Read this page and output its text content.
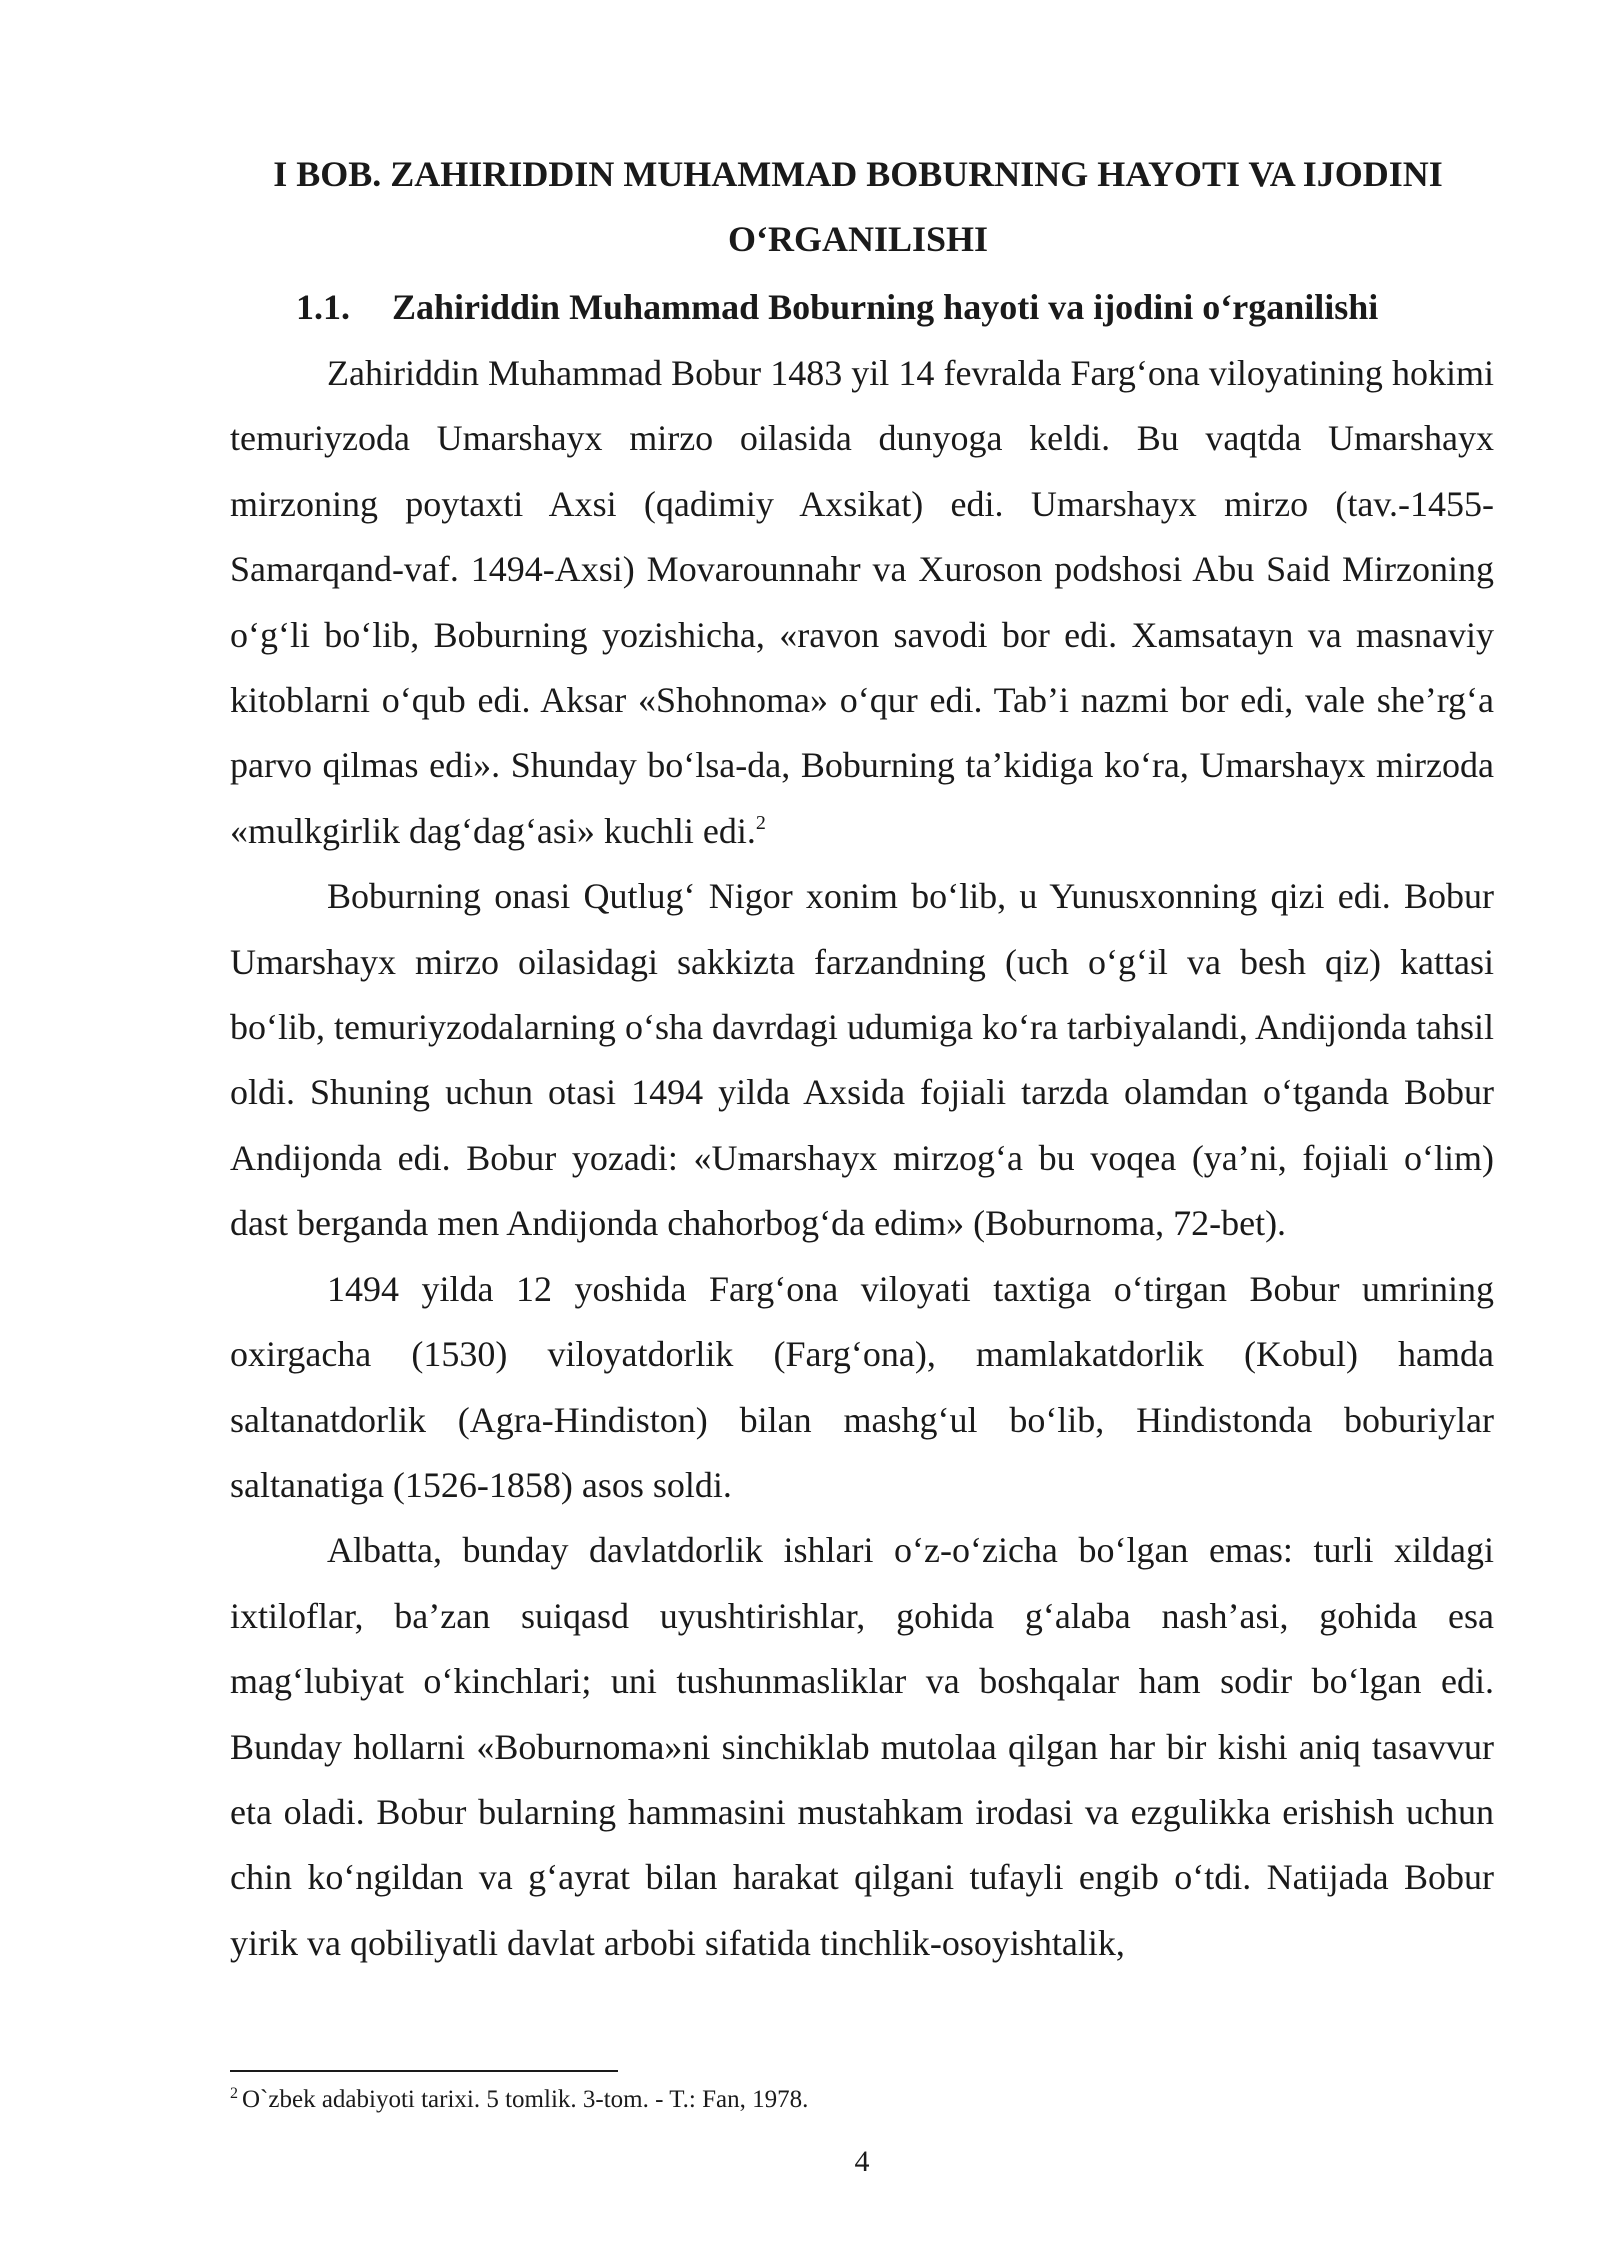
I BOB. ZAHIRIDDIN MUHAMMAD BOBURNING HAYOTI VA IJODINI O‘RGANILISHI
1.1. Zahiriddin Muhammad Boburning hayoti va ijodini o‘rganilishi

Zahiriddin Muhammad Bobur 1483 yil 14 fevralda Farg‘ona viloyatining hokimi temuriyzoda Umarshayx mirzo oilasida dunyoga keldi. Bu vaqtda Umarshayx mirzoning poytaxti Axsi (qadimiy Axsikat) edi. Umarshayx mirzo (tav.-1455-Samarqand-vaf. 1494-Axsi) Movarounnahr va Xuroson podshosi Abu Said Mirzoning o‘g‘li bo‘lib, Boburning yozishicha, «ravon savodi bor edi. Xamsatayn va masnaviy kitoblarni o‘qub edi. Aksar «Shohnoma» o‘qur edi. Tab’i nazmi bor edi, vale she’rg‘a parvo qilmas edi». Shunday bo‘lsa-da, Boburning ta’kidiga ko‘ra, Umarshayx mirzoda «mulkgirlik dag‘dag‘asi» kuchli edi.$^2$

Boburning onasi Qutlug‘ Nigor xonim bo‘lib, u Yunusxonning qizi edi. Bobur Umarshayx mirzo oilasidagi sakkizta farzandning (uch o‘g‘il va besh qiz) kattasi bo‘lib, temuriyzodalarning o‘sha davrdagi udumiga ko‘ra tarbiyalandi, Andijonda tahsil oldi. Shuning uchun otasi 1494 yilda Axsida fojiali tarzda olamdan o‘tganda Bobur Andijonda edi. Bobur yozadi: «Umarshayx mirzog‘a bu voqea (ya’ni, fojiali o‘lim) dast berganda men Andijonda chahorbog‘da edim» (Boburnoma, 72-bet).

1494 yilda 12 yoshida Farg‘ona viloyati taxtiga o‘tirgan Bobur umrining oxirgacha (1530) viloyatdorlik (Farg‘ona), mamlakatdorlik (Kobul) hamda saltanatdorlik (Agra-Hindiston) bilan mashg‘ul bo‘lib, Hindistonda boburiylar saltanatiga (1526-1858) asos soldi.

Albatta, bunday davlatdorlik ishlari o‘z-o‘zicha bo‘lgan emas: turli xildagi ixtiloflar, ba’zan suiqasd uyushtirishlar, gohida g‘alaba nash’asi, gohida esa mag‘lubiyat o‘kinchlari; uni tushunmasliklar va boshqalar ham sodir bo‘lgan edi. Bunday hollarni «Boburnoma»ni sinchiklab mutolaa qilgan har bir kishi aniq tasavvur eta oladi. Bobur bularning hammasini mustahkam irodasi va ezgulikka erishish uchun chin ko‘ngildan va g‘ayrat bilan harakat qilgani tufayli engib o‘tdi. Natijada Bobur yirik va qobiliyatli davlat arbobi sifatida tinchlik-osoyishtalik,

$^2$ O`zbek adabiyoti tarixi. 5 tomlik. 3-tom. - T.: Fan, 1978.
4
